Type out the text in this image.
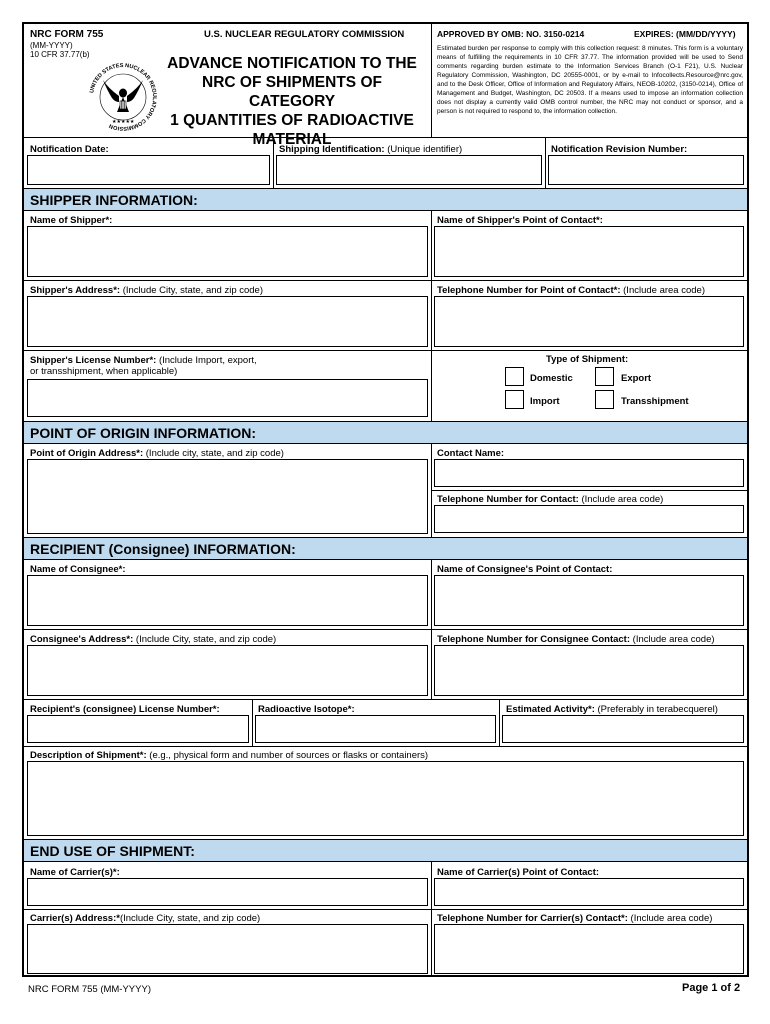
NRC FORM 755
(MM-YYYY)
10 CFR 37.77(b)
U.S. NUCLEAR REGULATORY COMMISSION
UNITED STATES NUCLEAR REGULATORY COMMISSION
★★★★★
ADVANCE NOTIFICATION TO THE
NRC OF SHIPMENTS OF CATEGORY
1 QUANTITIES OF RADIOACTIVE
MATERIAL
APPROVED BY OMB: NO. 3150-0214	EXPIRES: (MM/DD/YYYY)
Estimated burden per response to comply with this collection request: 8 minutes. This form is a voluntary means of fulfilling the requirements in 10 CFR 37.77. The information provided will be used to Send comments regarding burden estimate to the Information Services Branch (O-1 F21), U.S. Nuclear Regulatory Commission, Washington, DC 20555-0001, or by e-mail to Infocollects.Resource@nrc.gov, and to the Desk Officer, Office of Information and Regulatory Affairs, NEOB-10202, (3150-0214), Office of Management and Budget, Washington, DC 20503. If a means used to impose an information collection does not display a currently valid OMB control number, the NRC may not conduct or sponsor, and a person is not required to respond to, the information collection.
Notification Date:	Shipping Identification: (Unique identifier)	Notification Revision Number:
SHIPPER INFORMATION:
Name of Shipper*:	Name of Shipper's Point of Contact*:
Shipper's Address*: (Include City, state, and zip code)	Telephone Number for Point of Contact*: (Include area code)
Shipper's License Number*: (Include Import, export,
or transshipment, when applicable)
Type of Shipment:
Domestic	Export
Import	Transshipment
POINT OF ORIGIN INFORMATION:
Point of Origin Address*: (Include city, state, and zip code)	Contact Name:
Telephone Number for Contact: (Include area code)
RECIPIENT (Consignee) INFORMATION:
Name of Consignee*:	Name of Consignee's Point of Contact:
Consignee's Address*: (Include City, state, and zip code)	Telephone Number for Consignee Contact: (Include area code)
Recipient's (consignee) License Number*:	Radioactive Isotope*:	Estimated Activity*: (Preferably in terabecquerel)
Description of Shipment*: (e.g., physical form and number of sources or flasks or containers)
END USE OF SHIPMENT:
Name of Carrier(s)*:	Name of Carrier(s) Point of Contact:
Carrier(s) Address:*(Include City, state, and zip code)	Telephone Number for Carrier(s) Contact*: (Include area code)
NRC FORM 755 (MM-YYYY)	Page 1 of 2
